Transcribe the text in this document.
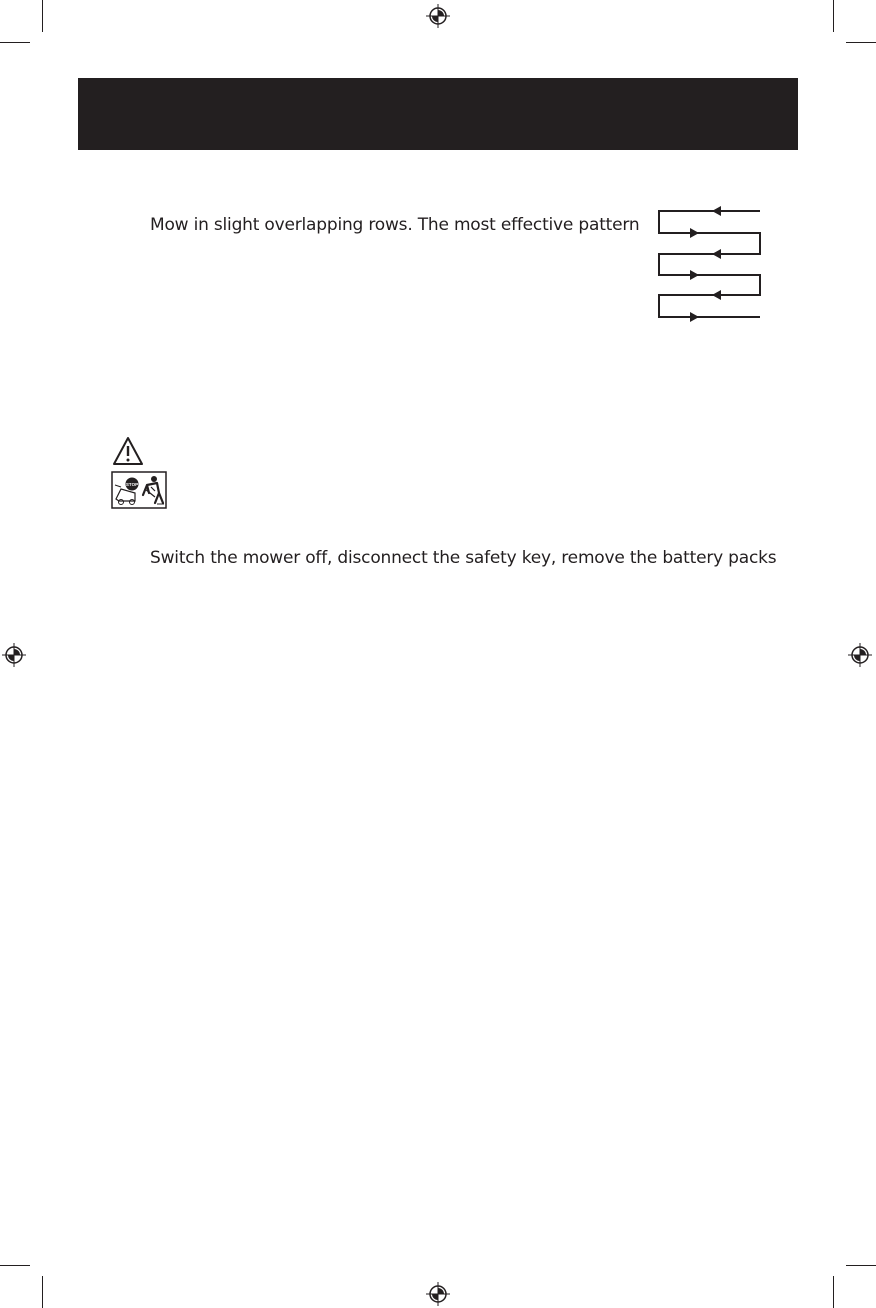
Mow in slight overlapping rows. The most effective pattern
STOP
Switch the mower off, disconnect the safety key, remove the battery packs
